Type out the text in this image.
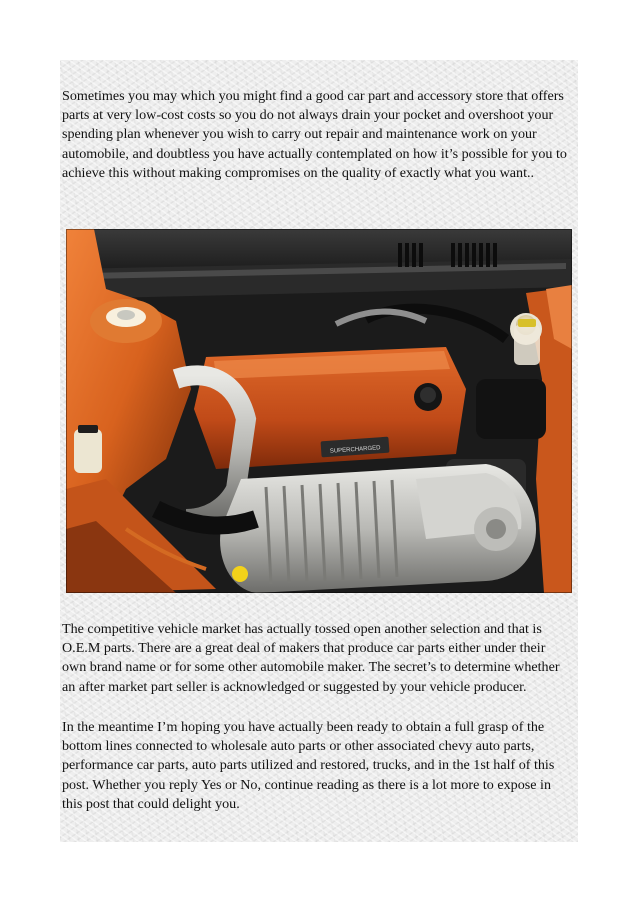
Sometimes you may which you might find a good car part and accessory store that offers parts at very low-cost costs so you do not always drain your pocket and overshoot your spending plan whenever you wish to carry out repair and maintenance work on your automobile, and doubtless you have actually contemplated on how it’s possible for you to achieve this without making compromises on the quality of exactly what you want..

SUPERCHARGED

The competitive vehicle market has actually tossed open another selection and that is O.E.M parts. There are a great deal of makers that produce car parts either under their own brand name or for some other automobile maker. The secret’s to determine whether an after market part seller is acknowledged or suggested by your vehicle producer.

In the meantime I’m hoping you have actually been ready to obtain a full grasp of the bottom lines connected to wholesale auto parts or other associated chevy auto parts, performance car parts, auto parts utilized and restored, trucks, and in the 1st half of this post. Whether you reply Yes or No, continue reading as there is a lot more to expose in this post that could delight you.
